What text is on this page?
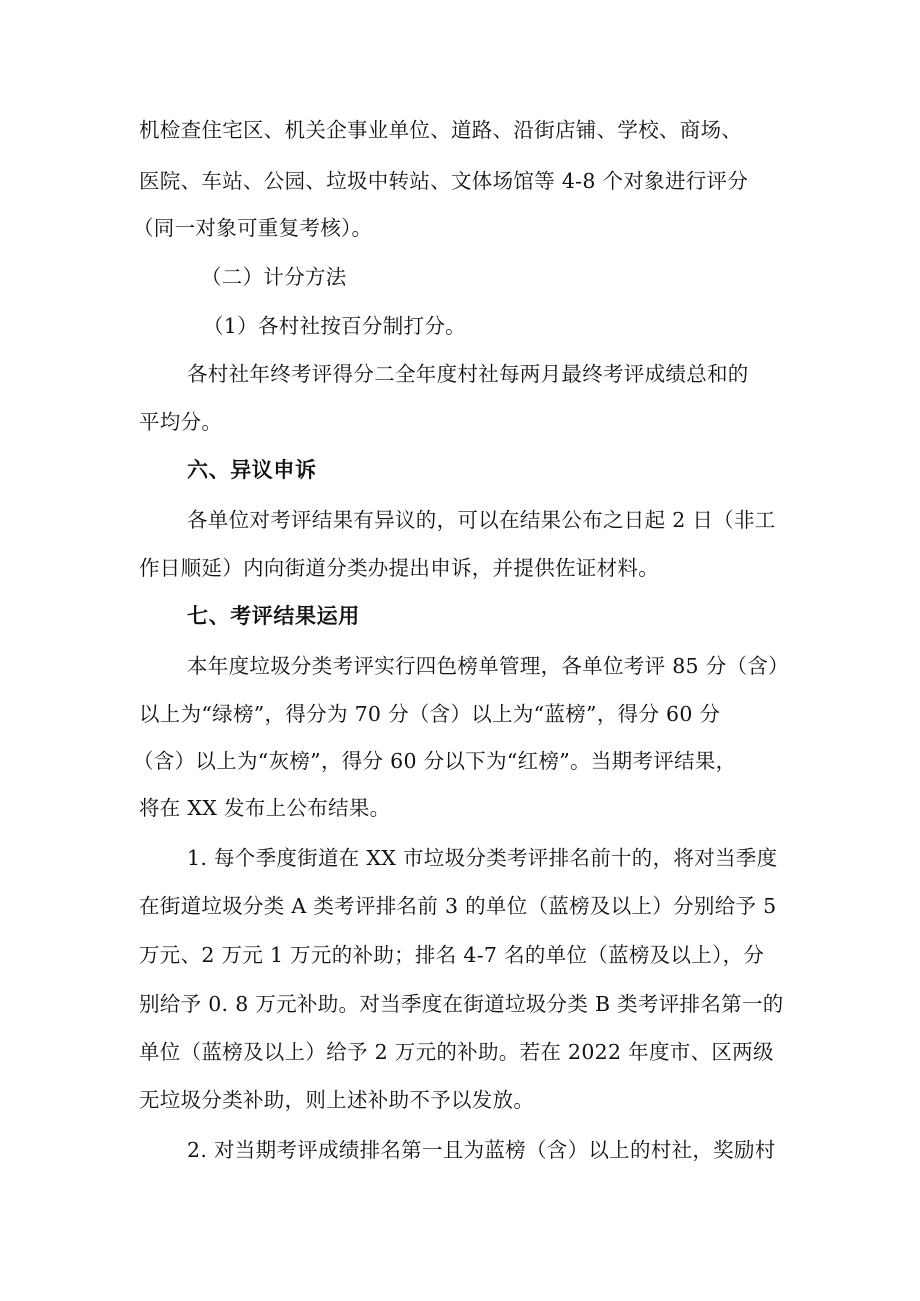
机检查住宅区、机关企事业单位、道路、沿街店铺、学校、商场、
医院、车站、公园、垃圾中转站、文体场馆等 4-8 个对象进行评分
（同一对象可重复考核）。
（二）计分方法
（1）各村社按百分制打分。
各村社年终考评得分二全年度村社每两月最终考评成绩总和的
平均分。
六、异议申诉
各单位对考评结果有异议的，可以在结果公布之日起 2 日（非工
作日顺延）内向街道分类办提出申诉，并提供佐证材料。
七、考评结果运用
本年度垃圾分类考评实行四色榜单管理，各单位考评 85 分（含）
以上为“绿榜”，得分为 70 分（含）以上为“蓝榜”，得分 60 分
（含）以上为“灰榜”，得分 60 分以下为“红榜”。当期考评结果，
将在 XX 发布上公布结果。
1. 每个季度街道在 XX 市垃圾分类考评排名前十的，将对当季度
在街道垃圾分类 A 类考评排名前 3 的单位（蓝榜及以上）分别给予 5
万元、2 万元 1 万元的补助；排名 4-7 名的单位（蓝榜及以上），分
别给予 0. 8 万元补助。对当季度在街道垃圾分类 B 类考评排名第一的
单位（蓝榜及以上）给予 2 万元的补助。若在 2022 年度市、区两级
无垃圾分类补助，则上述补助不予以发放。
2. 对当期考评成绩排名第一且为蓝榜（含）以上的村社，奖励村
